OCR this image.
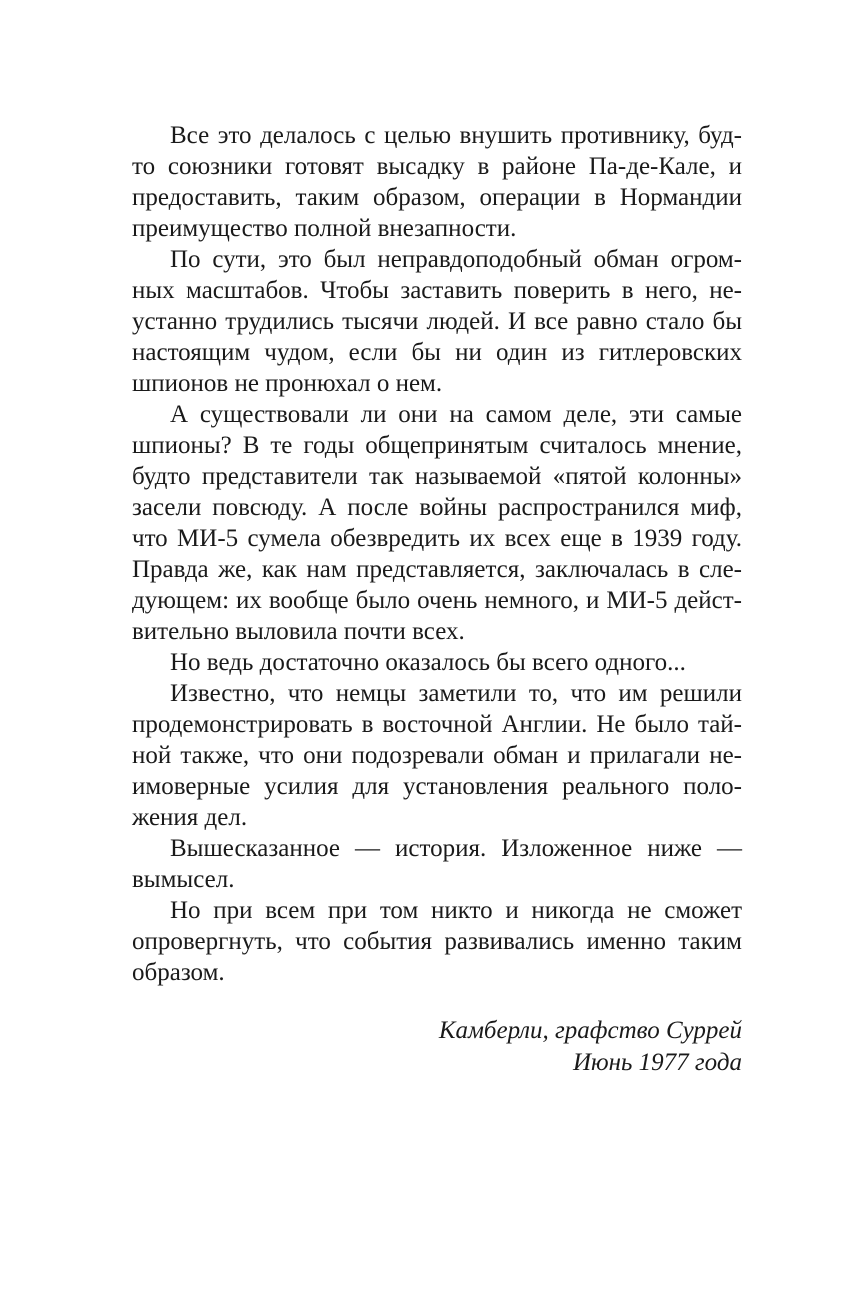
Все это делалось с целью внушить противнику, буд-
то союзники готовят высадку в районе Па-де-Кале, и
предоставить, таким образом, операции в Нормандии
преимущество полной внезапности.
По сути, это был неправдоподобный обман огром-
ных масштабов. Чтобы заставить поверить в него, не-
устанно трудились тысячи людей. И все равно стало бы
настоящим чудом, если бы ни один из гитлеровских
шпионов не пронюхал о нем.
А существовали ли они на самом деле, эти самые
шпионы? В те годы общепринятым считалось мнение,
будто представители так называемой «пятой колонны»
засели повсюду. А после войны распространился миф,
что МИ-5 сумела обезвредить их всех еще в 1939 году.
Правда же, как нам представляется, заключалась в сле-
дующем: их вообще было очень немного, и МИ-5 дейст-
вительно выловила почти всех.
Но ведь достаточно оказалось бы всего одного...
Известно, что немцы заметили то, что им решили
продемонстрировать в восточной Англии. Не было тай-
ной также, что они подозревали обман и прилагали не-
имоверные усилия для установления реального поло-
жения дел.
Вышесказанное — история. Изложенное ниже —
вымысел.
Но при всем при том никто и никогда не сможет
опровергнуть, что события развивались именно таким
образом.
Камберли, графство Суррей
Июнь 1977 года
